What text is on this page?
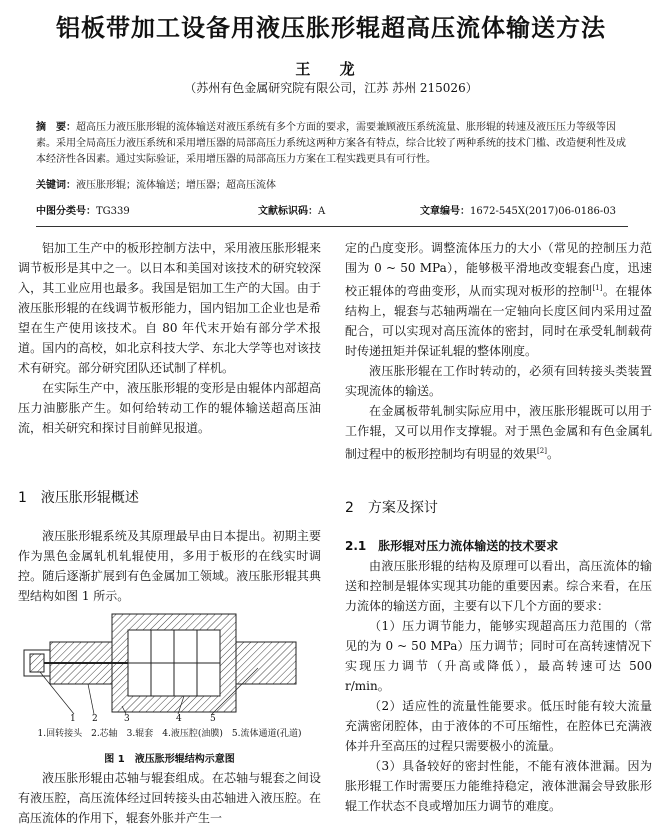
铝板带加工设备用液压胀形辊超高压流体输送方法
王 龙
（苏州有色金属研究院有限公司，江苏 苏州 215026）
摘　要：超高压力液压胀形辊的流体输送对液压系统有多个方面的要求，需要兼顾液压系统流量、胀形辊的转速及液压压力等级等因素。采用全局高压力液压系统和采用增压器的局部高压力系统这两种方案各有特点，综合比较了两种系统的技术门槛、改造便利性及成本经济性各因素。通过实际验证，采用增压器的局部高压力方案在工程实践更具有可行性。
关键词：液压胀形辊；流体输送；增压器；超高压流体
中图分类号：TG339	文献标识码：A	文章编号：1672-545X(2017)06-0186-03

铝加工生产中的板形控制方法中，采用液压胀形辊来调节板形是其中之一。以日本和美国对该技术的研究较深入，其工业应用也最多。我国是铝加工生产的大国。由于液压胀形辊的在线调节板形能力，国内铝加工企业也是希望在生产使用该技术。自 80 年代末开始有部分学术报道。国内的高校，如北京科技大学、东北大学等也对该技术有研究。部分研究团队还试制了样机。

在实际生产中，液压胀形辊的变形是由辊体内部超高压力油膨胀产生。如何给转动工作的辊体输送超高压油流，相关研究和探讨目前鲜见报道。

1　液压胀形辊概述

液压胀形辊系统及其原理最早由日本提出。初期主要作为黑色金属轧机轧辊使用，多用于板形的在线实时调控。随后逐渐扩展到有色金属加工领域。液压胀形辊其典型结构如图 1 所示。

1 2	3	4	5
1.回转接头　2.芯轴　3.辊套　4.液压腔(油膜)　5.流体通道(孔道)
图 1　 液压胀形辊结构示意图

液压胀形辊由芯轴与辊套组成。在芯轴与辊套之间设有液压腔，高压流体经过回转接头由芯轴进入液压腔。在高压流体的作用下，辊套外胀并产生一

定的凸度变形。调整流体压力的大小（常见的控制压力范围为 0 ~ 50 MPa），能够极平滑地改变辊套凸度，迅速校正辊体的弯曲变形，从而实现对板形的控制[1]。在辊体结构上，辊套与芯轴两端在一定轴向长度区间内采用过盈配合，可以实现对高压流体的密封，同时在承受轧制载荷时传递扭矩并保证轧辊的整体刚度。

液压胀形辊在工作时转动的，必须有回转接头类装置实现流体的输送。

在金属板带轧制实际应用中，液压胀形辊既可以用于工作辊，又可以用作支撑辊。对于黑色金属和有色金属轧制过程中的板形控制均有明显的效果[2]。

2　方案及探讨
2.1　胀形辊对压力流体输送的技术要求

由液压胀形辊的结构及原理可以看出，高压流体的输送和控制是辊体实现其功能的重要因素。综合来看，在压力流体的输送方面，主要有以下几个方面的要求：

（1）压力调节能力，能够实现超高压力范围的（常见的为 0 ~ 50 MPa）压力调节；同时可在高转速情况下实现压力调节（升高或降低），最高转速可达 500 r/min。

（2）适应性的流量性能要求。低压时能有较大流量充满密闭腔体，由于液体的不可压缩性，在腔体已充满液体并升至高压的过程只需要极小的流量。

（3）具备较好的密封性能，不能有液体泄漏。因为胀形辊工作时需要压力能维持稳定，液体泄漏会导致胀形辊工作状态不良或增加压力调节的难度。
